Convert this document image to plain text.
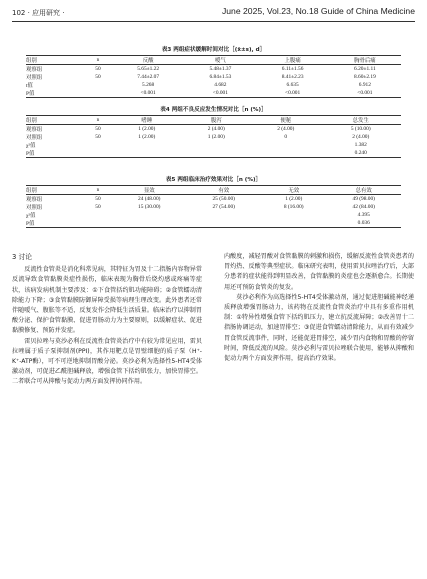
102 · 应用研究 ·	June 2025, Vol.23, No.18 Guide of China Medicine
表3 两组症状缓解时间对比［(x̄±s), d］
组别	n	反酸	嗳气	上腹痛	胸骨后痛
观察组	50	5.65±1.22	5.48±1.37	6.11±1.56	6.20±1.11
对照组	50	7.44±2.07	6.84±1.53	8.41±2.23	8.60±2.19
t值		5.268	4.682	6.635	6.912
P值		<0.001	<0.001	<0.001	<0.001
表4 两组不良反应发生情况对比［n (%)］
组别	n	嗜睡	腹泻	便秘	总发生
观察组	50	1 (2.00)	2 (4.00)	2 (4.00)	5 (10.00)
对照组	50	1 (2.00)	1 (2.00)	0	2 (4.00)
χ²值					1.382
P值					0.240
表5 两组临床治疗效果对比［n (%)］
组别	n	显效	有效	无效	总有效
观察组	50	24 (48.00)	25 (50.00)	1 (2.00)	49 (98.00)
对照组	50	15 (30.00)	27 (54.00)	8 (16.00)	42 (84.00)
χ²值					4.395
P值					0.036
3 讨论

反流性食管炎是消化科常见病，其特征为胃及十二指肠内容物异常反流导致食管黏膜炎症性损伤，临床表现为胸骨后烧灼感或疼痛等症状，该病发病机制主要涉及：①下食管括约肌功能障碍；②食管蠕动清除能力下降；③食管黏膜防御屏障受损等病理生理改变。此外患者还常伴随嗳气、腹胀等不适，反复发作会降低生活质量。临床治疗以抑制胃酸分泌、保护食管黏膜、促进胃肠动力为主要原则，以缓解症状、促进黏膜修复、预防并发症。

雷贝拉唑与莫沙必利在反流性食管炎治疗中有较为常见应用，雷贝拉唑属于质子泵抑制剂(PPI)，其作用靶点是胃壁细胞的质子泵（H⁺-K⁺-ATP酶），可不可逆地抑制胃酸分泌。莫沙必利为选择性5-HT4受体激动剂，可促进乙酰胆碱释放，增强食管下括约肌张力，加快胃排空。二者联合可从抑酸与促动力两方面发挥协同作用。

内酸度，减轻胃酸对食管黏膜的刺激和损伤，缓解反流性食管炎患者的胃灼热、反酸等典型症状。临床研究表明，使用雷贝拉唑治疗后，大部分患者的症状能得到明显改善，食管黏膜的炎症也会逐渐愈合。长期使用还可预防食管炎的复发。

莫沙必利作为高选择性5-HT4受体激动剂，通过促进胆碱能神经递质释放增强胃肠动力，该药物在反流性食管炎治疗中具有多重作用机制：①特异性增强食管下括约肌压力，建立抗反流屏障；②改善胃十二指肠协调运动，加速胃排空；③促进食管蠕动清除能力，从而有效减少胃食管反流事件，同时，还能促进胃排空，减少胃内食物和胃酸的停留时间，降低反流的风险。莫沙必利与雷贝拉唑联合使用，能够从抑酸和促动力两个方面发挥作用，提高治疗效果。
